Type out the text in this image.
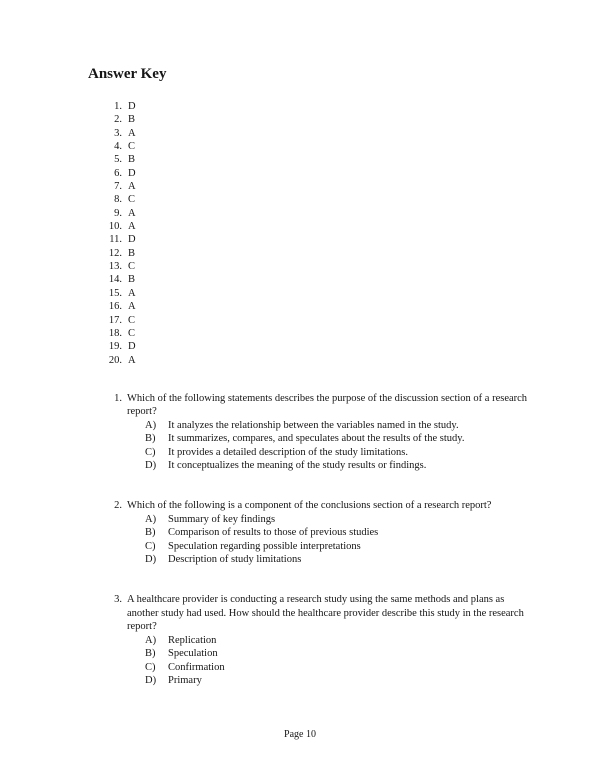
Answer Key
1. D
2. B
3. A
4. C
5. B
6. D
7. A
8. C
9. A
10. A
11. D
12. B
13. C
14. B
15. A
16. A
17. C
18. C
19. D
20. A
1. Which of the following statements describes the purpose of the discussion section of a research report?
A)	It analyzes the relationship between the variables named in the study.
B)	It summarizes, compares, and speculates about the results of the study.
C)	It provides a detailed description of the study limitations.
D)	It conceptualizes the meaning of the study results or findings.
2. Which of the following is a component of the conclusions section of a research report?
A)	Summary of key findings
B)	Comparison of results to those of previous studies
C)	Speculation regarding possible interpretations
D)	Description of study limitations
3. A healthcare provider is conducting a research study using the same methods and plans as another study had used. How should the healthcare provider describe this study in the research report?
A)	Replication
B)	Speculation
C)	Confirmation
D)	Primary
Page 10
